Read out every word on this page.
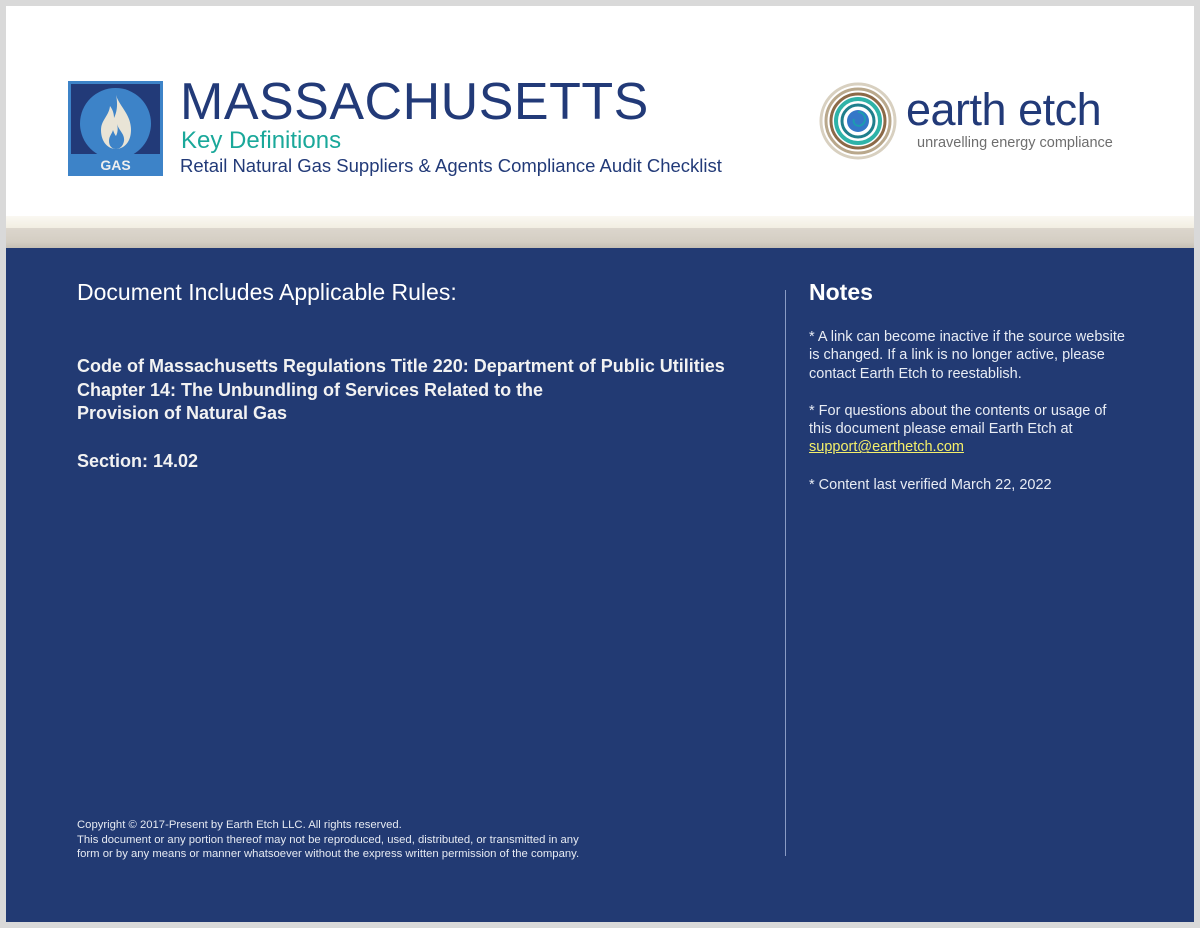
GAS
MASSACHUSETTS
Key Definitions
Retail Natural Gas Suppliers & Agents Compliance Audit Checklist
earth etch
unravelling energy compliance
Document Includes Applicable Rules:
Code of Massachusetts Regulations Title 220: Department of Public Utilities
Chapter 14: The Unbundling of Services Related to the
Provision of Natural Gas
Section: 14.02
Notes
* A link can become inactive if the source website is changed. If a link is no longer active, please contact Earth Etch to reestablish.
* For questions about the contents or usage of this document please email Earth Etch at
support@earthetch.com
* Content last verified March 22, 2022
Copyright © 2017-Present by Earth Etch LLC. All rights reserved.
This document or any portion thereof may not be reproduced, used, distributed, or transmitted in any
form or by any means or manner whatsoever without the express written permission of the company.
